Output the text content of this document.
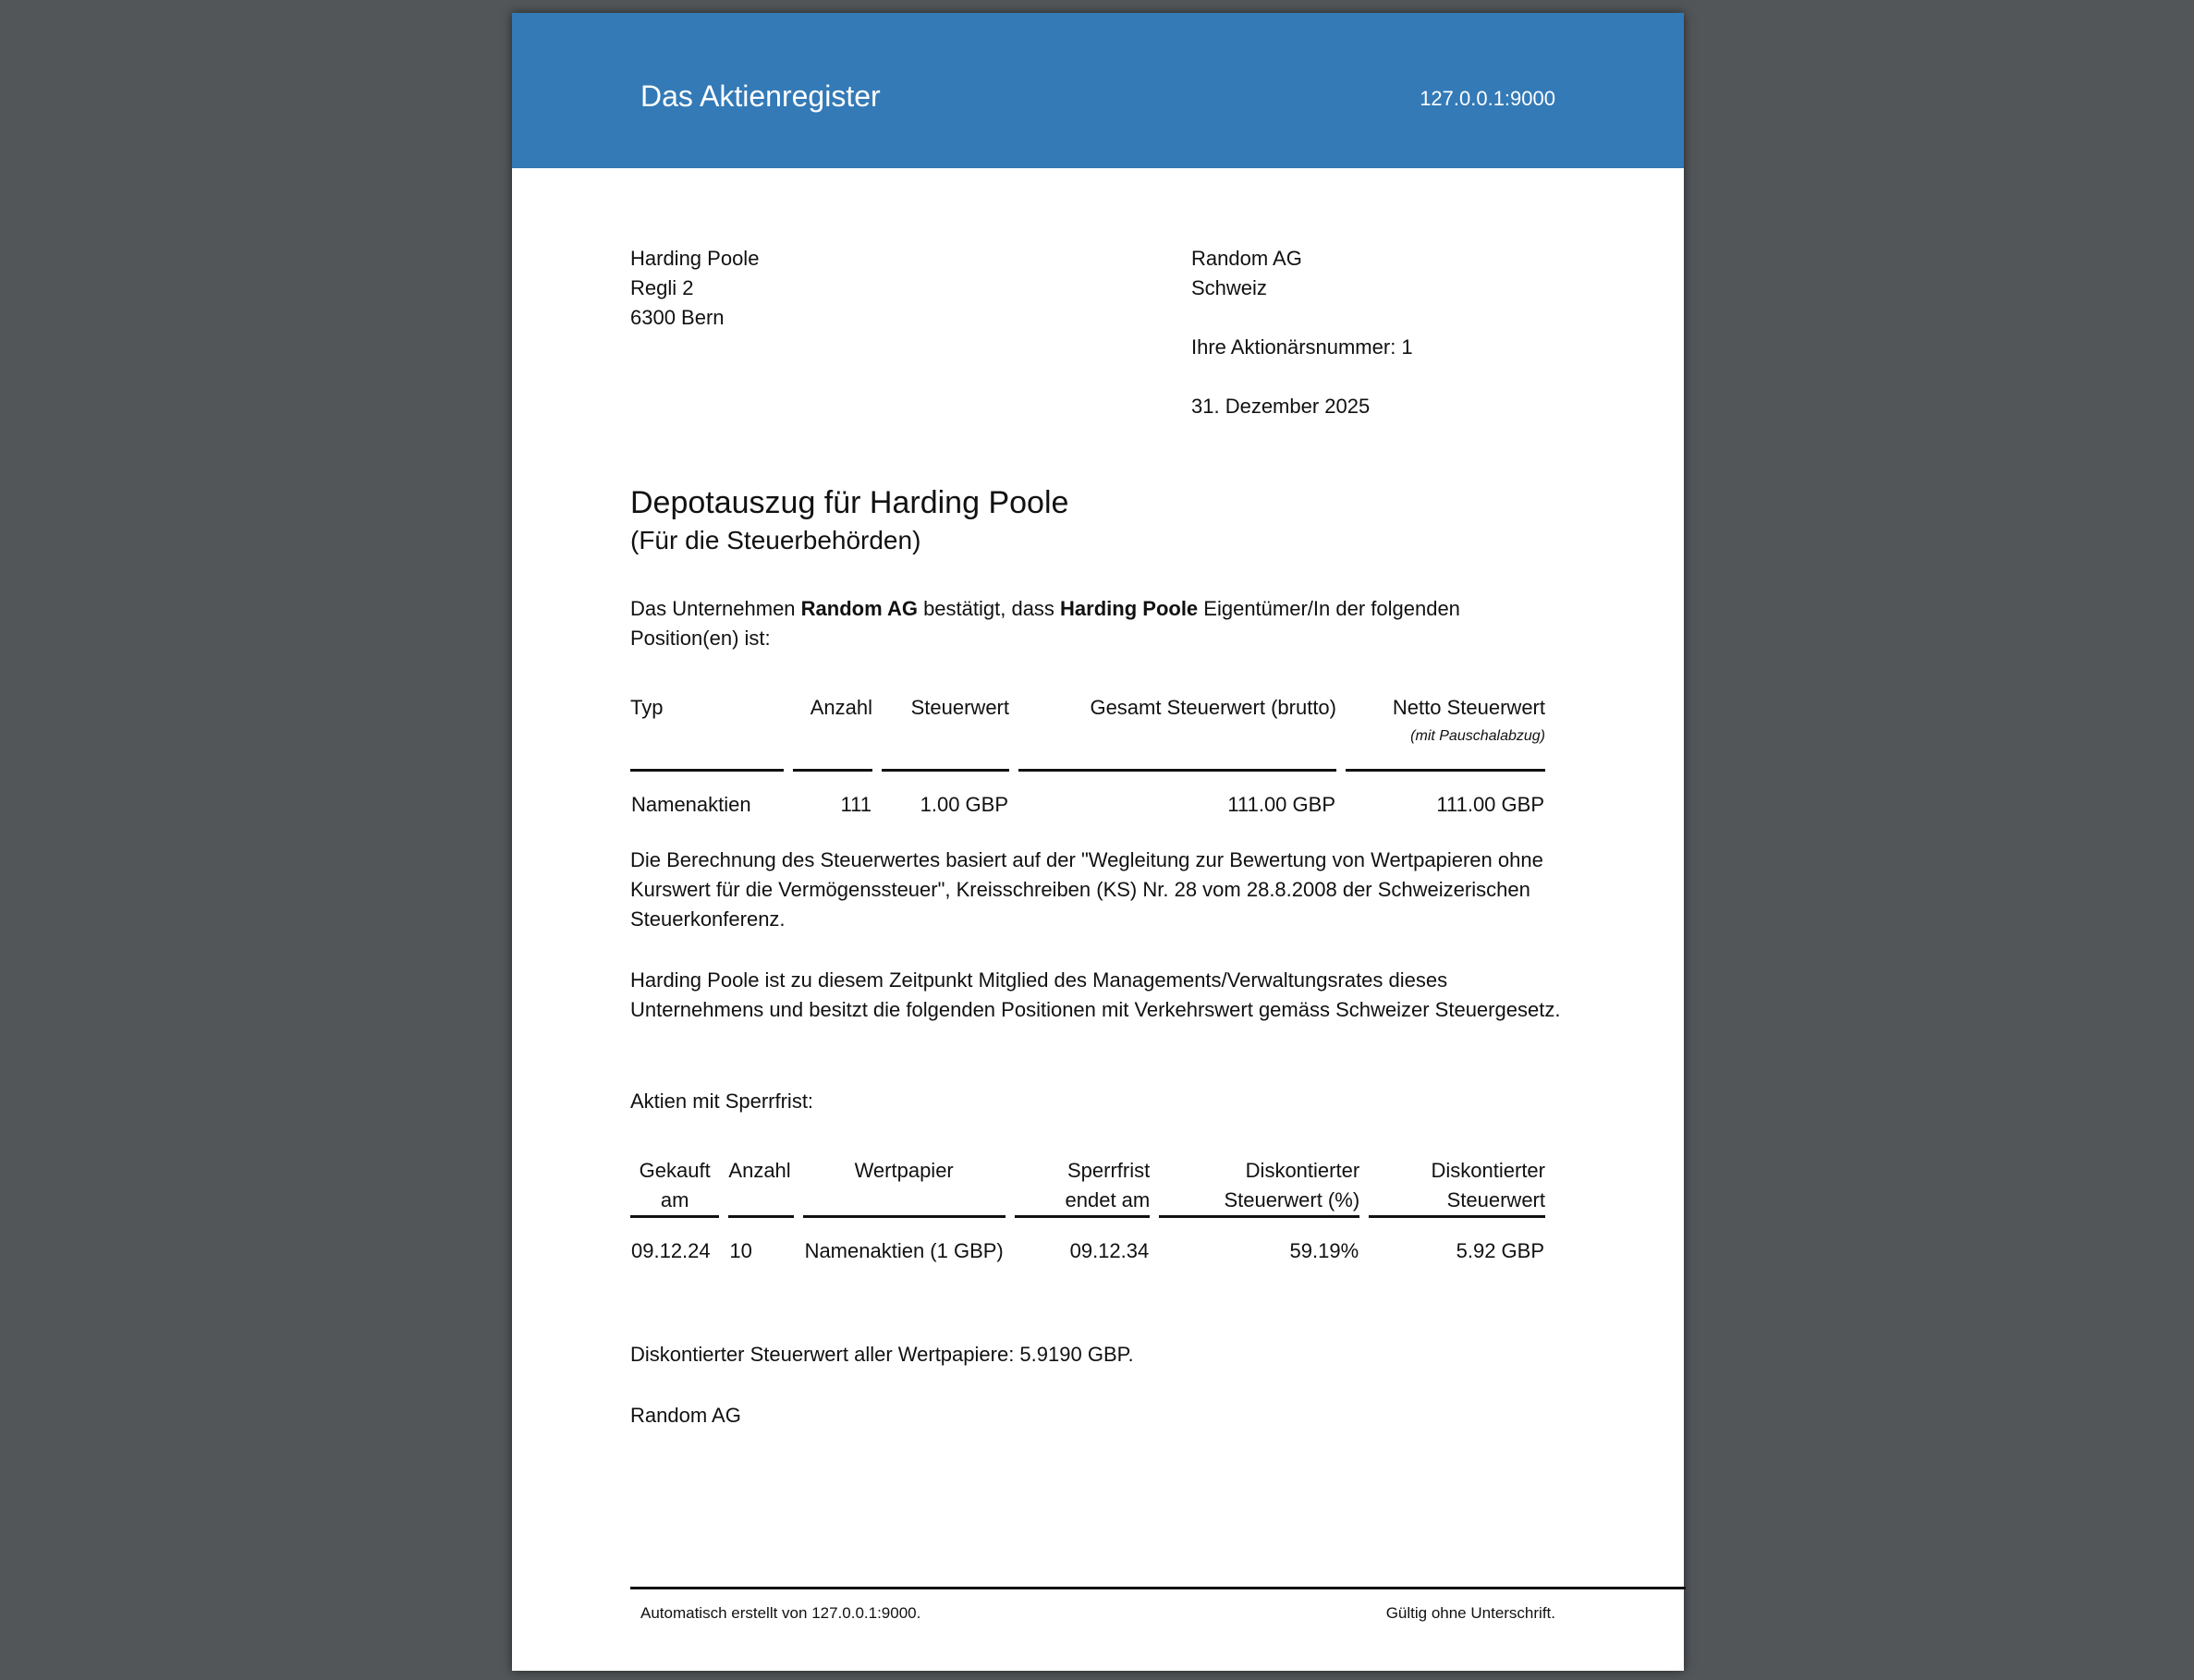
Das Aktienregister	127.0.0.1:9000
Harding Poole
Regli 2
6300 Bern
Random AG
Schweiz
Ihre Aktionärsnummer: 1
31. Dezember 2025
Depotauszug für Harding Poole
(Für die Steuerbehörden)
Das Unternehmen Random AG bestätigt, dass Harding Poole Eigentümer/In der folgenden Position(en) ist:
Typ	Anzahl	Steuerwert	Gesamt Steuerwert (brutto)	Netto Steuerwert
(mit Pauschalabzug)

Namenaktien	111	1.00 GBP	111.00 GBP	111.00 GBP
Die Berechnung des Steuerwertes basiert auf der "Wegleitung zur Bewertung von Wertpapieren ohne Kurswert für die Vermögenssteuer", Kreisschreiben (KS) Nr. 28 vom 28.8.2008 der Schweizerischen Steuerkonferenz.
Harding Poole ist zu diesem Zeitpunkt Mitglied des Managements/Verwaltungsrates dieses Unternehmens und besitzt die folgenden Positionen mit Verkehrswert gemäss Schweizer Steuergesetz.
Aktien mit Sperrfrist:
Gekauft am	Anzahl	Wertpapier	Sperrfrist endet am	Diskontierter Steuerwert (%)	Diskontierter Steuerwert
09.12.24	10	Namenaktien (1 GBP)	09.12.34	59.19%	5.92 GBP
Diskontierter Steuerwert aller Wertpapiere: 5.9190 GBP.
Random AG
Automatisch erstellt von 127.0.0.1:9000.	Gültig ohne Unterschrift.
